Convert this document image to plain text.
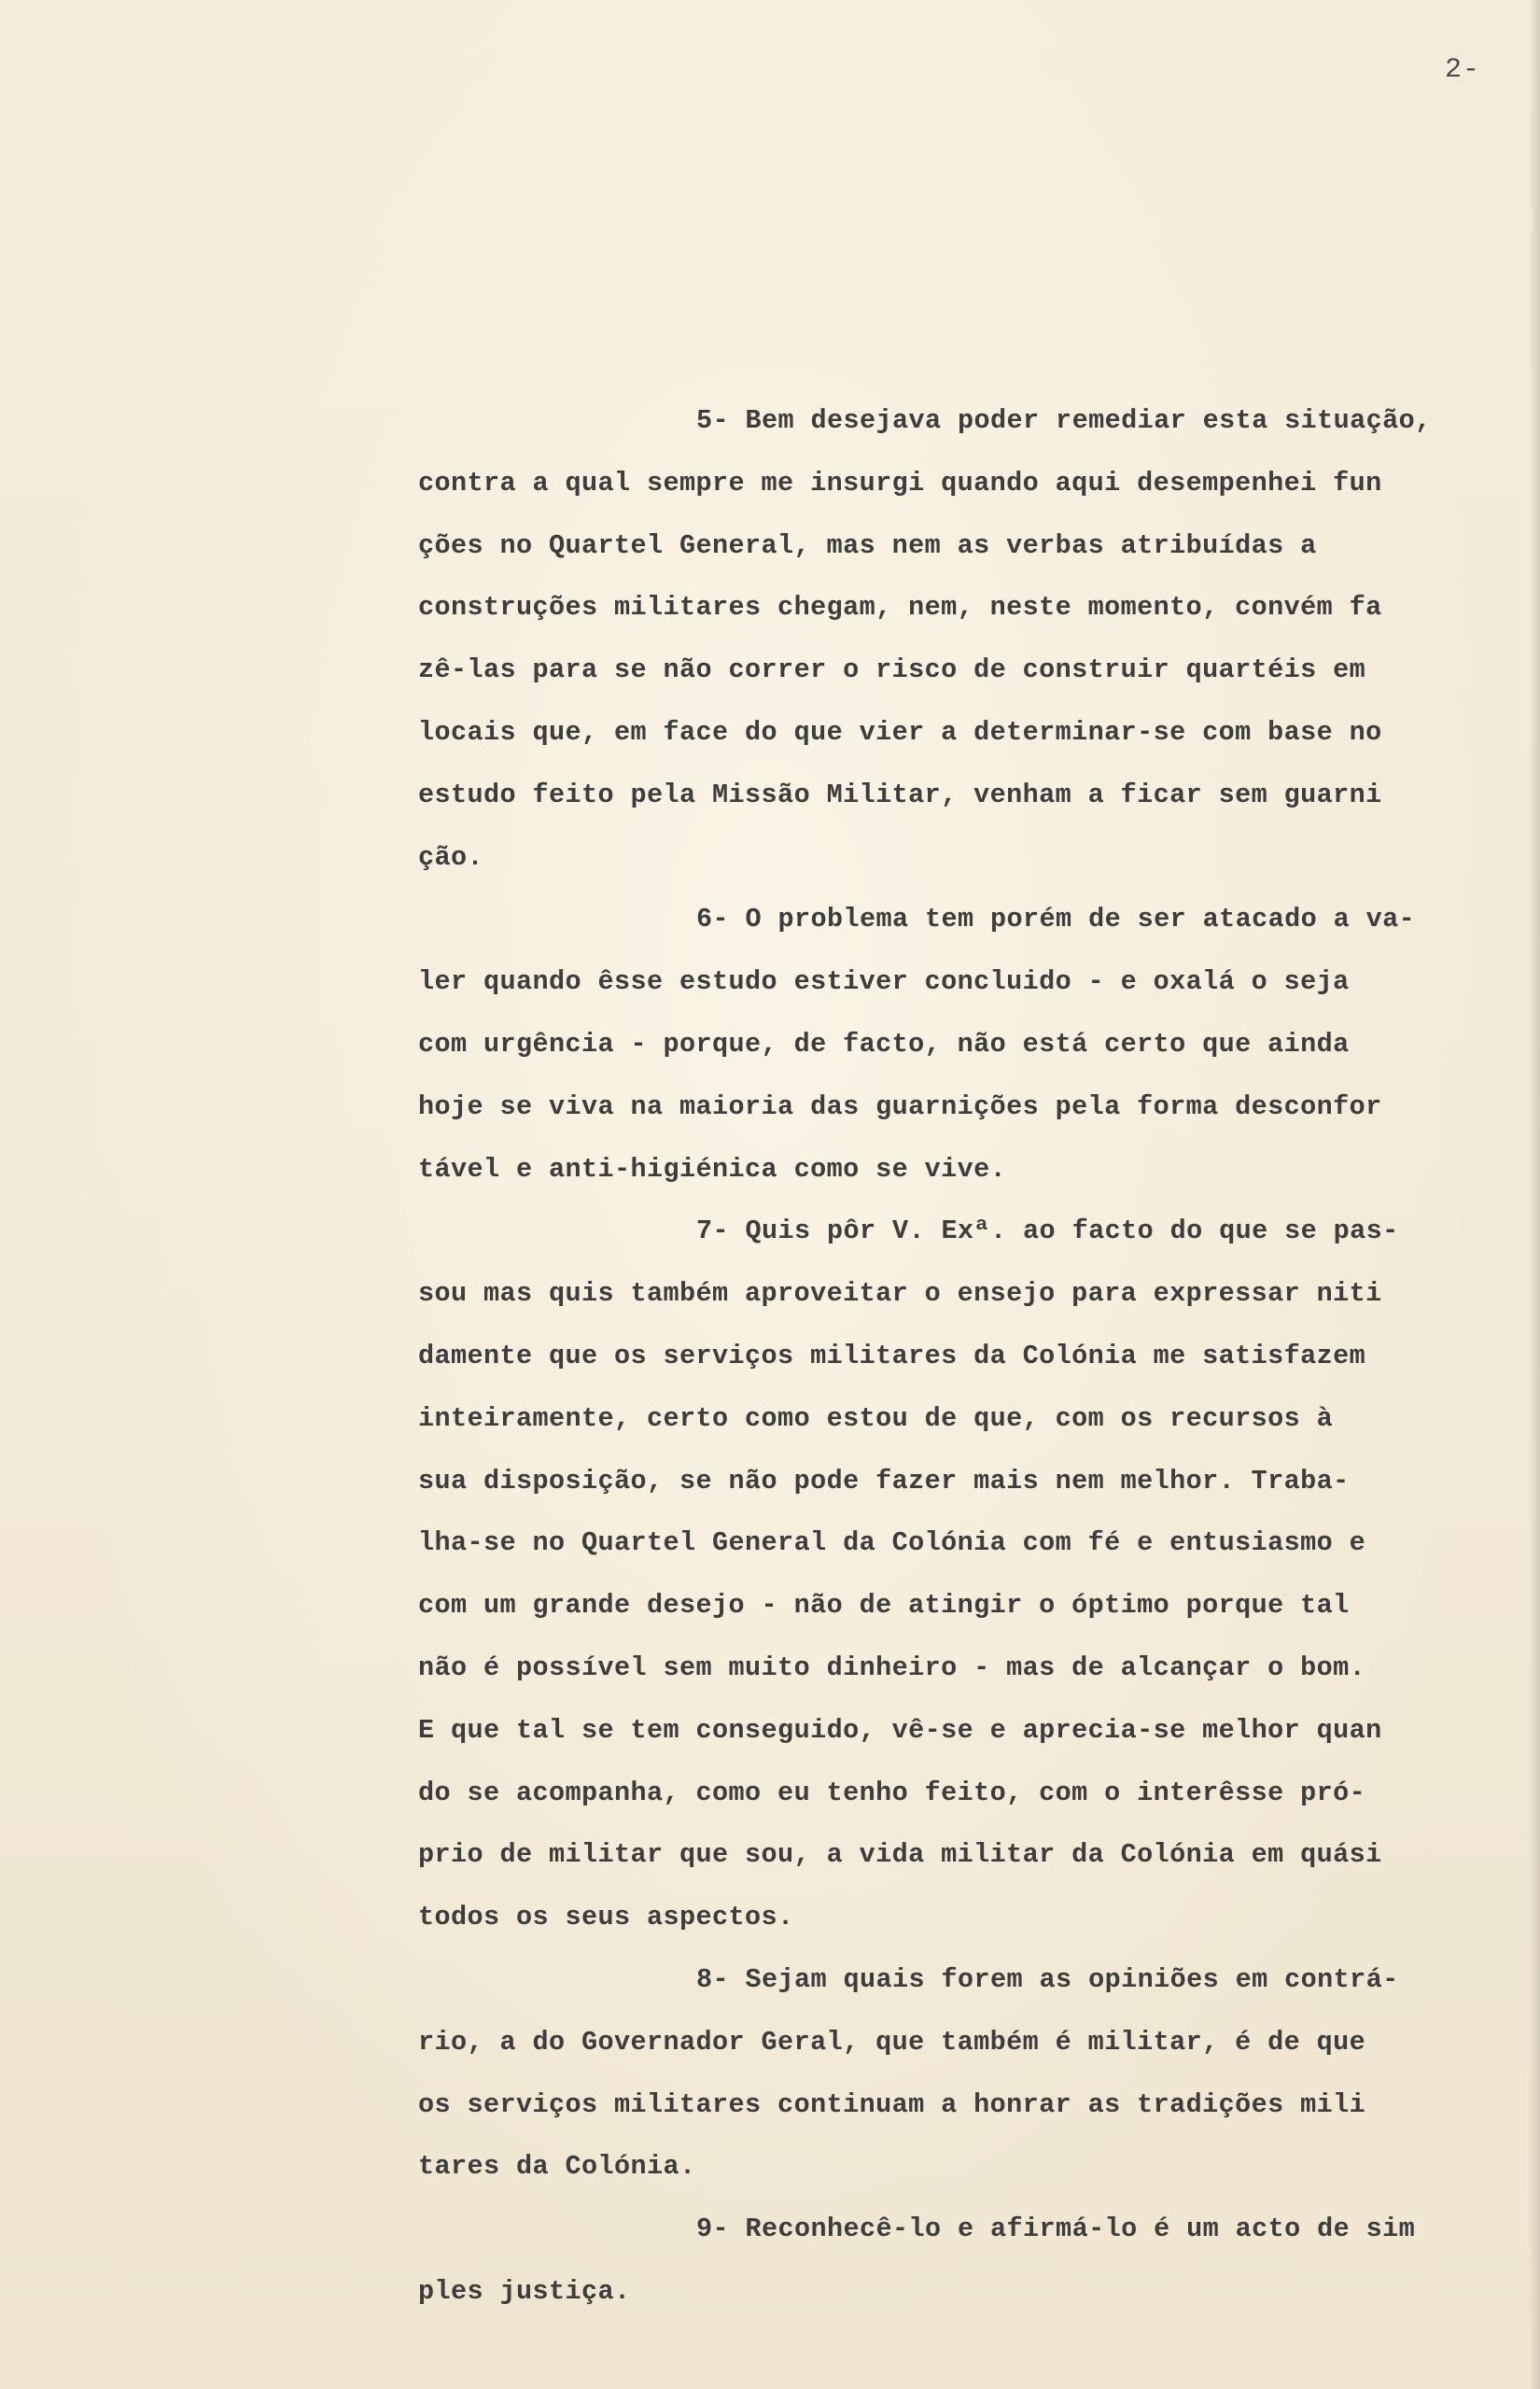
2-
5- Bem desejava poder remediar esta situação,
contra a qual sempre me insurgi quando aqui desempenhei fun
ções no Quartel General, mas nem as verbas atribuídas a
construções militares chegam, nem, neste momento, convém fa
zê-las para se não correr o risco de construir quartéis em
locais que, em face do que vier a determinar-se com base no
estudo feito pela Missão Militar, venham a ficar sem guarni
ção.
6- O problema tem porém de ser atacado a va-
ler quando êsse estudo estiver concluido - e oxalá o seja
com urgência - porque, de facto, não está certo que ainda
hoje se viva na maioria das guarnições pela forma desconfor
tável e anti-higiénica como se vive.
7- Quis pôr V. Exª. ao facto do que se pas-
sou mas quis também aproveitar o ensejo para expressar niti
damente que os serviços militares da Colónia me satisfazem
inteiramente, certo como estou de que, com os recursos à
sua disposição, se não pode fazer mais nem melhor. Traba-
lha-se no Quartel General da Colónia com fé e entusiasmo e
com um grande desejo - não de atingir o óptimo porque tal
não é possível sem muito dinheiro - mas de alcançar o bom.
E que tal se tem conseguido, vê-se e aprecia-se melhor quan
do se acompanha, como eu tenho feito, com o interêsse pró-
prio de militar que sou, a vida militar da Colónia em quási
todos os seus aspectos.
8- Sejam quais forem as opiniões em contrá-
rio, a do Governador Geral, que também é militar, é de que
os serviços militares continuam a honrar as tradições mili
tares da Colónia.
9- Reconhecê-lo e afirmá-lo é um acto de sim
ples justiça.
